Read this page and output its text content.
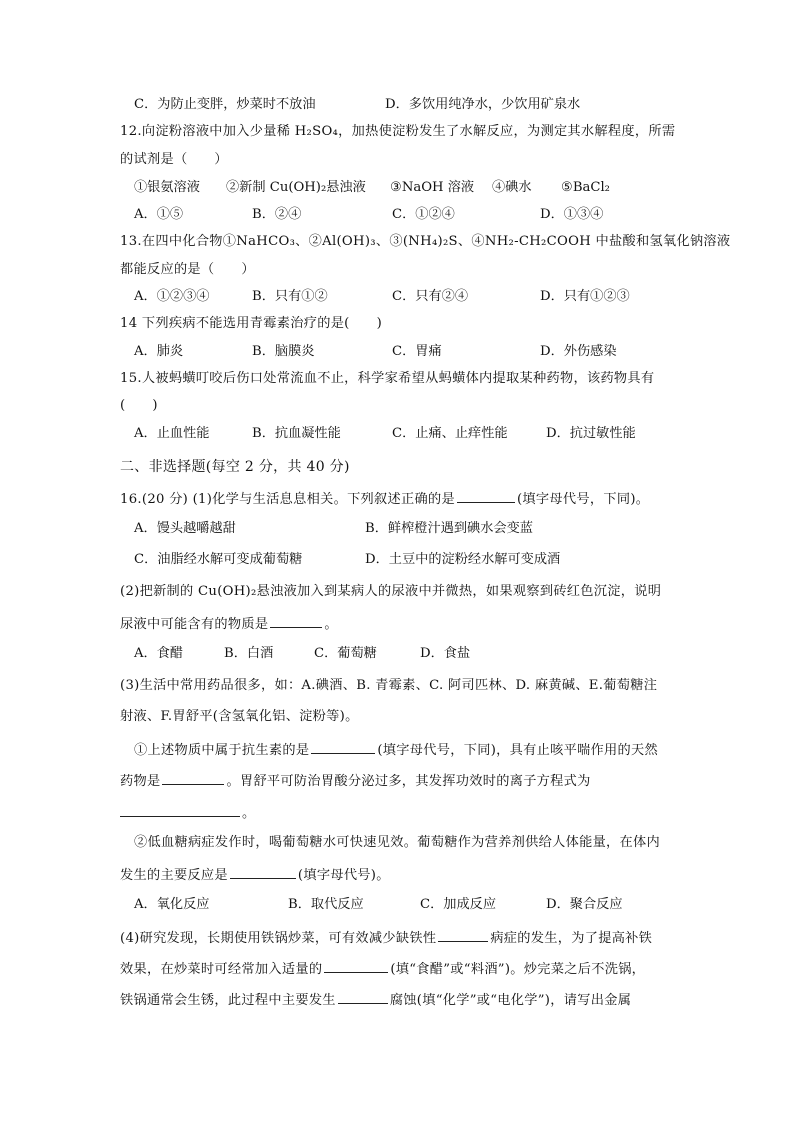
C．为防止变胖，炒菜时不放油	D．多饮用纯净水，少饮用矿泉水
12.向淀粉溶液中加入少量稀 H₂SO₄，加热使淀粉发生了水解反应，为测定其水解程度，所需
的试剂是（　　）
①银氨溶液 ②新制 Cu(OH)₂悬浊液 ③NaOH 溶液 ④碘水 ⑤BaCl₂
A．①⑤	B．②④	C．①②④	D．①③④
13.在四中化合物①NaHCO₃、②Al(OH)₃、③(NH₄)₂S、④NH₂-CH₂COOH 中盐酸和氢氧化钠溶液
都能反应的是（　　）
A．①②③④	B．只有①②	C．只有②④	D．只有①②③
14 下列疾病不能选用青霉素治疗的是(　　)
A．肺炎	B．脑膜炎	C．胃痛	D．外伤感染
15.人被蚂蟥叮咬后伤口处常流血不止，科学家希望从蚂蟥体内提取某种药物，该药物具有
(　　)
A．止血性能	B．抗血凝性能	C．止痛、止痒性能	D．抗过敏性能
二、非选择题(每空 2 分，共 40 分)
16.(20 分) (1)化学与生活息息相关。下列叙述正确的是	(填字母代号，下同)。
A．馒头越嚼越甜	B．鲜榨橙汁遇到碘水会变蓝
C．油脂经水解可变成葡萄糖	D．土豆中的淀粉经水解可变成酒
(2)把新制的 Cu(OH)₂悬浊液加入到某病人的尿液中并微热，如果观察到砖红色沉淀，说明
尿液中可能含有的物质是	。
A．食醋	B．白酒	C．葡萄糖	D．食盐
(3)生活中常用药品很多，如：A.碘酒、B. 青霉素、C. 阿司匹林、D. 麻黄碱、E.葡萄糖注
射液、F.胃舒平(含氢氧化铝、淀粉等)。
①上述物质中属于抗生素的是	(填字母代号，下同)，具有止咳平喘作用的天然
药物是	。胃舒平可防治胃酸分泌过多，其发挥功效时的离子方程式为
。
②低血糖病症发作时，喝葡萄糖水可快速见效。葡萄糖作为营养剂供给人体能量，在体内
发生的主要反应是	(填字母代号)。
A．氧化反应	B．取代反应	C．加成反应	D．聚合反应
(4)研究发现，长期使用铁锅炒菜，可有效减少缺铁性	病症的发生，为了提高补铁
效果，在炒菜时可经常加入适量的	(填“食醋”或“料酒”)。炒完菜之后不洗锅，
铁锅通常会生锈，此过程中主要发生	腐蚀(填“化学”或“电化学”)，请写出金属
